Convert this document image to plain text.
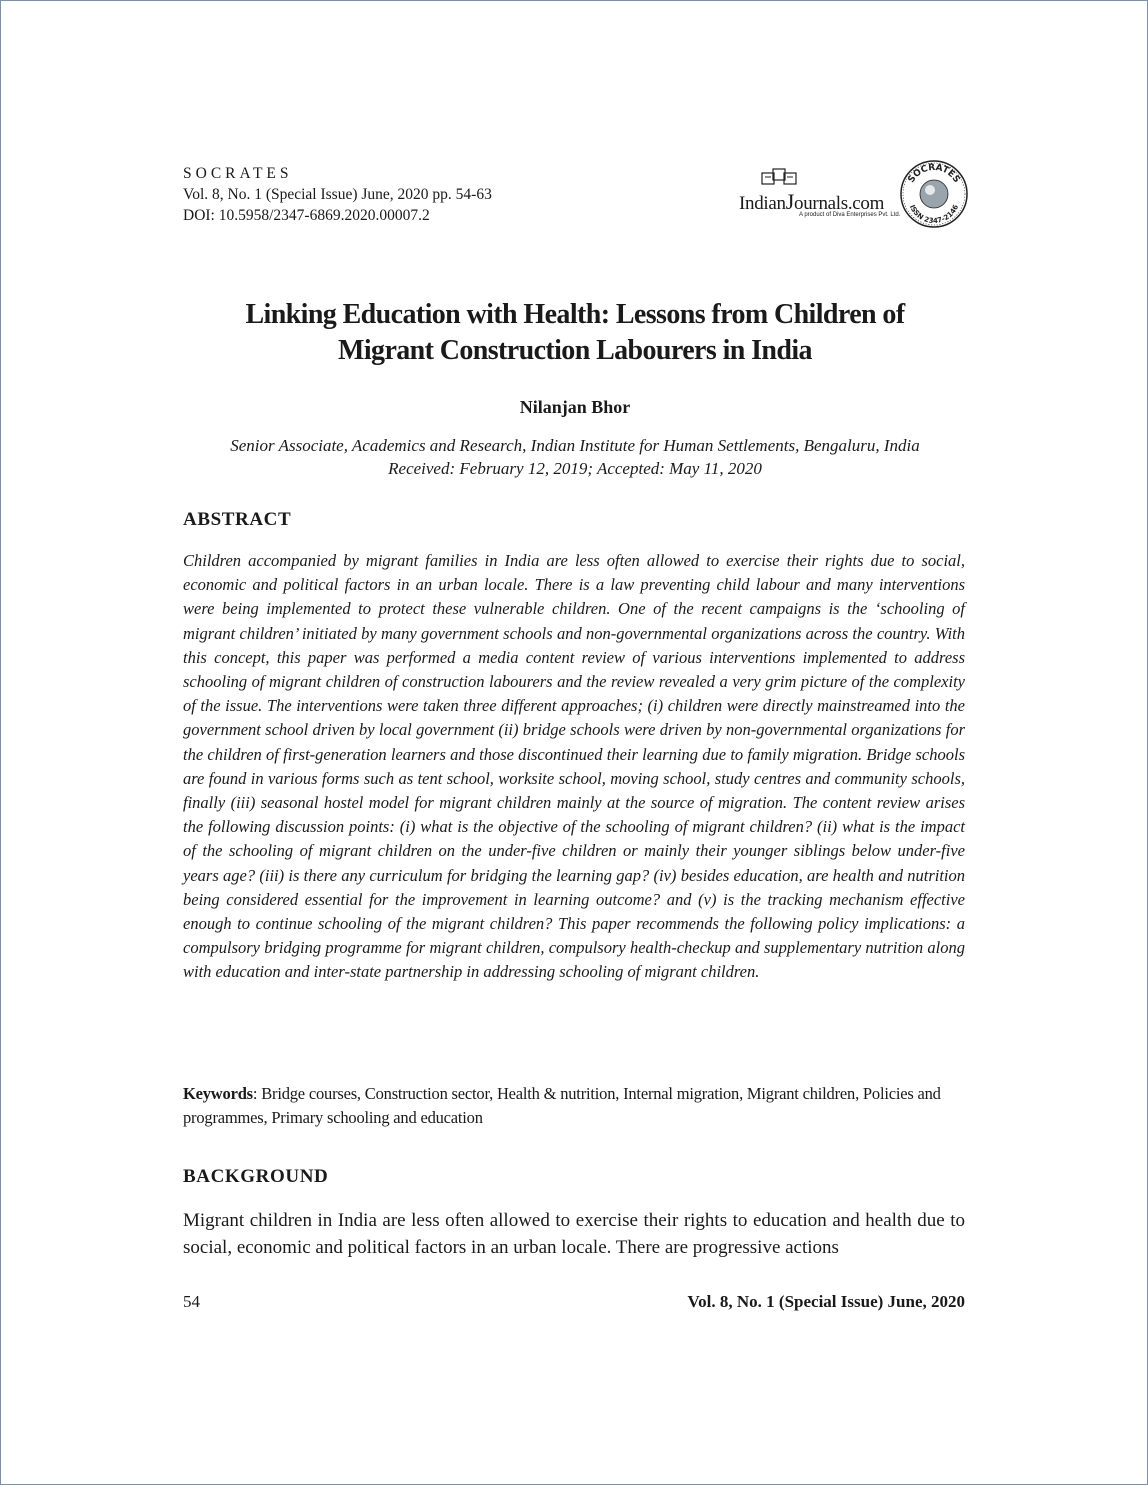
SOCRATES
Vol. 8, No. 1 (Special Issue) June, 2020 pp. 54-63
DOI: 10.5958/2347-6869.2020.00007.2
IndianJournals.com
A product of Diva Enterprises Pvt. Ltd.
SOCRATES
ISSN 2347-2146
Linking Education with Health: Lessons from Children of
Migrant Construction Labourers in India

Nilanjan Bhor

Senior Associate, Academics and Research, Indian Institute for Human Settlements, Bengaluru, India
Received: February 12, 2019; Accepted: May 11, 2020
ABSTRACT

Children accompanied by migrant families in India are less often allowed to exercise their rights due to social, economic and political factors in an urban locale. There is a law preventing child labour and many interventions were being implemented to protect these vulnerable children. One of the recent campaigns is the ‘schooling of migrant children’ initiated by many government schools and non-governmental organizations across the country. With this concept, this paper was performed a media content review of various interventions implemented to address schooling of migrant children of construction labourers and the review revealed a very grim picture of the complexity of the issue. The interventions were taken three different approaches; (i) children were directly mainstreamed into the government school driven by local government (ii) bridge schools were driven by non-governmental organizations for the children of first-generation learners and those discontinued their learning due to family migration. Bridge schools are found in various forms such as tent school, worksite school, moving school, study centres and community schools, finally (iii) seasonal hostel model for migrant children mainly at the source of migration. The content review arises the following discussion points: (i) what is the objective of the schooling of migrant children? (ii) what is the impact of the schooling of migrant children on the under-five children or mainly their younger siblings below under-five years age? (iii) is there any curriculum for bridging the learning gap? (iv) besides education, are health and nutrition being considered essential for the improvement in learning outcome? and (v) is the tracking mechanism effective enough to continue schooling of the migrant children? This paper recommends the following policy implications: a compulsory bridging programme for migrant children, compulsory health-checkup and supplementary nutrition along with education and inter-state partnership in addressing schooling of migrant children.

Keywords: Bridge courses, Construction sector, Health & nutrition, Internal migration, Migrant children, Policies and programmes, Primary schooling and education

BACKGROUND

Migrant children in India are less often allowed to exercise their rights to education and health due to social, economic and political factors in an urban locale. There are progressive actions

54	Vol. 8, No. 1 (Special Issue) June, 2020
